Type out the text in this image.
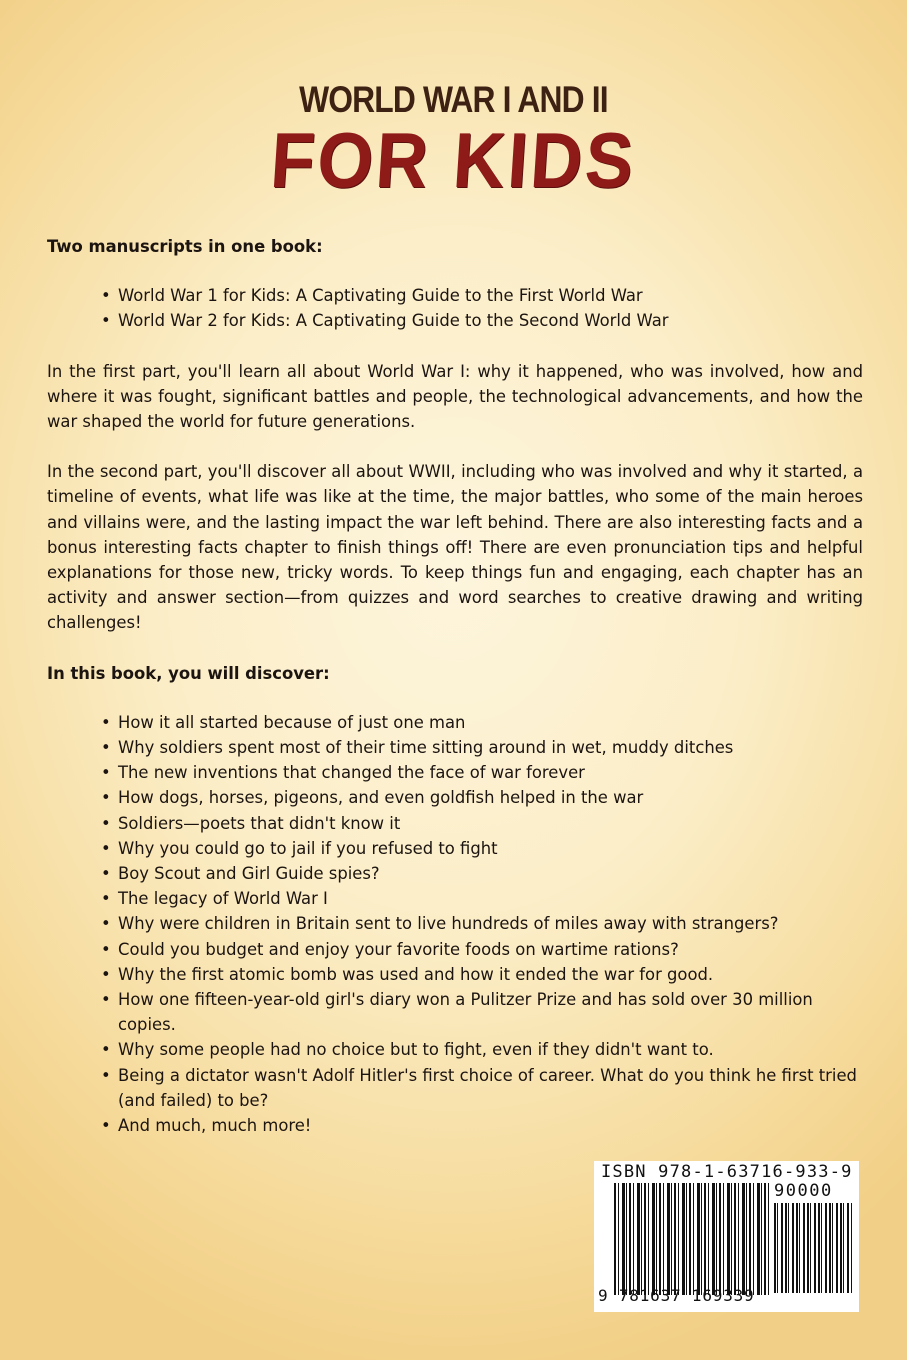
WORLD WAR I AND II
FOR KIDS
Two manuscripts in one book:
• World War 1 for Kids: A Captivating Guide to the First World War
• World War 2 for Kids: A Captivating Guide to the Second World War
In the first part, you'll learn all about World War I: why it happened, who was involved, how and where it was fought, significant battles and people, the technological advancements, and how the war shaped the world for future generations.
In the second part, you'll discover all about WWII, including who was involved and why it started, a timeline of events, what life was like at the time, the major battles, who some of the main heroes and villains were, and the lasting impact the war left behind. There are also interesting facts and a bonus interesting facts chapter to finish things off! There are even pronunciation tips and helpful explanations for those new, tricky words. To keep things fun and engaging, each chapter has an activity and answer section—from quizzes and word searches to creative drawing and writing challenges!
In this book, you will discover:
• How it all started because of just one man
• Why soldiers spent most of their time sitting around in wet, muddy ditches
• The new inventions that changed the face of war forever
• How dogs, horses, pigeons, and even goldfish helped in the war
• Soldiers—poets that didn't know it
• Why you could go to jail if you refused to fight
• Boy Scout and Girl Guide spies?
• The legacy of World War I
• Why were children in Britain sent to live hundreds of miles away with strangers?
• Could you budget and enjoy your favorite foods on wartime rations?
• Why the first atomic bomb was used and how it ended the war for good.
• How one fifteen-year-old girl's diary won a Pulitzer Prize and has sold over 30 million copies.
• Why some people had no choice but to fight, even if they didn't want to.
• Being a dictator wasn't Adolf Hitler's first choice of career. What do you think he first tried (and failed) to be?
• And much, much more!
ISBN 978-1-63716-933-9
90000
9 781637 169339
